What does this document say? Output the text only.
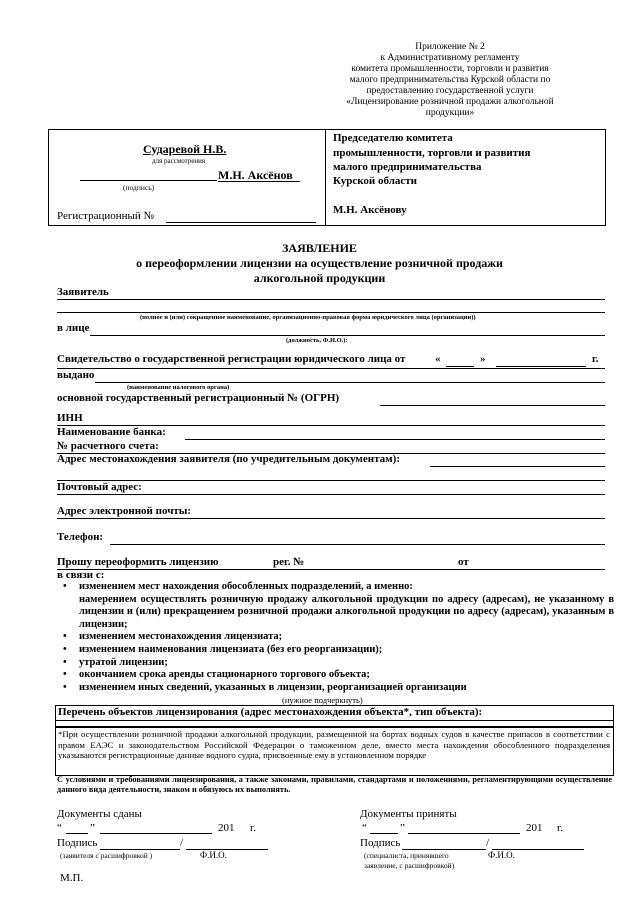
Приложение № 2
к Административному регламенту
комитета промышленности, торговли и развития
малого предпринимательства Курской области по
предоставлению государственной услуги
«Лицензирование розничной продажи алкогольной
продукции»
Сударевой Н.В.
для рассмотрения
М.Н. Аксёнов
(подпись)
Регистрационный №
Председателю комитета
промышленности, торговли и развития
малого предпринимательства
Курской области
М.Н. Аксёнову
ЗАЯВЛЕНИЕ
о переоформлении лицензии на осуществление розничной продажи
алкогольной продукции
Заявитель
(полное и (или) сокращенное наименование, организационно-правовая форма юридического лица (организации))
в лице
(должность, Ф.И.О.):
Свидетельство о государственной регистрации юридического лица от	«	»	г.
выдано
(наименование налогового органа)
основной государственный регистрационный № (ОГРН)
ИНН
Наименование банка:
№ расчетного счета:
Адрес местонахождения заявителя (по учредительным документам):
Почтовый адрес:
Адрес электронной почты:
Телефон:
Прошу переоформить лицензию	рег. №	от
в связи с:
• изменением мест нахождения обособленных подразделений, а именно:
намерением осуществлять розничную продажу алкогольной продукции по адресу (адресам), не указанному в лицензии и (или) прекращением розничной продажи алкогольной продукции по адресу (адресам), указанным в лицензии;
• изменением местонахождения лицензиата;
• изменением наименования лицензиата (без его реорганизации);
• утратой лицензии;
• окончанием срока аренды стационарного торгового объекта;
• изменением иных сведений, указанных в лицензии, реорганизацией организации
(нужное подчеркнуть)
Перечень объектов лицензирования (адрес местонахождения объекта*, тип объекта):
*При осуществлении розничной продажи алкогольной продукции, размещенной на бортах водных судов в качестве припасов в соответствии с правом ЕАЭС и законодательством Российской Федерации о таможенном деле, вместо места нахождения обособленного подразделения указываются регистрационные данные водного судна, присвоенные ему в установленном порядке
С условиями и требованиями лицензирования, а также законами, правилами, стандартами и положениями, регламентирующими осуществление данного вида деятельности, знаком и обязуюсь их выполнять.
Документы сданы
“	”	201 г.
Подпись	/
(заявителя с расшифровкой )	Ф.И.О.
Документы приняты
“	”	201 г.
Подпись	/
(специалиста, принявшего
заявление, с расшифровкой)
Ф.И.О.
М.П.
